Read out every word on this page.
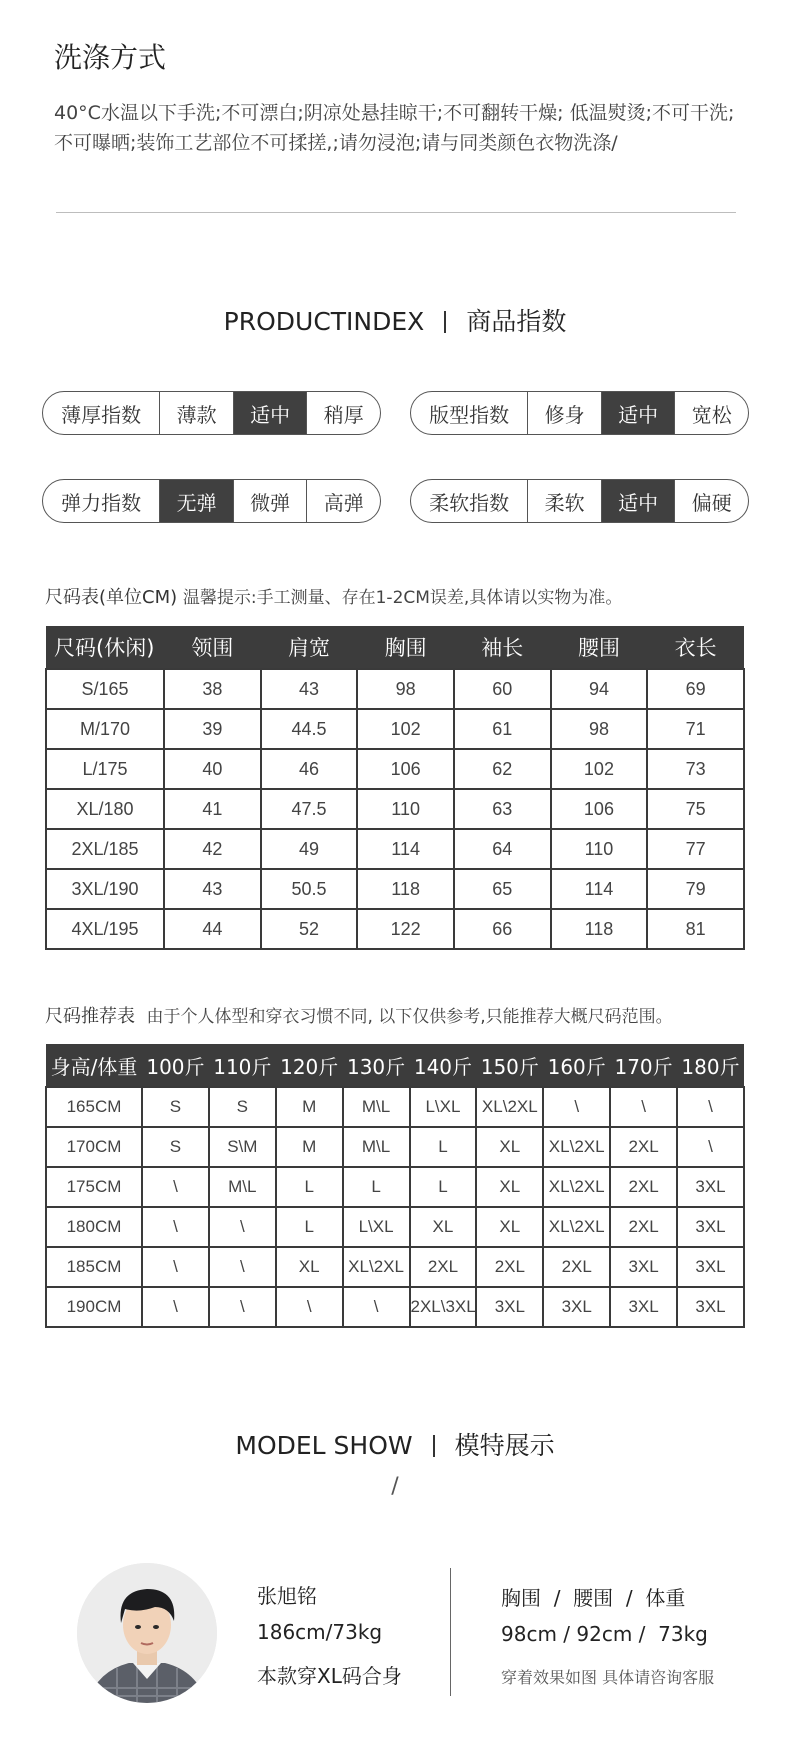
洗涤方式
40°C水温以下手洗;不可漂白;阴凉处悬挂晾干;不可翻转干燥; 低温熨烫;不可干洗;不可曝晒;装饰工艺部位不可揉搓,;请勿浸泡;请与同类颜色衣物洗涤/
PRODUCTINDEX 商品指数
薄厚指数	薄款	适中	稍厚	版型指数	修身	适中	宽松
弹力指数	无弹	微弹	高弹	柔软指数	柔软	适中	偏硬
尺码表(单位CM) 温馨提示:手工测量、存在1-2CM误差,具体请以实物为准。
尺码(休闲)	领围	肩宽	胸围	袖长	腰围	衣长
S/165	38	43	98	60	94	69
M/170	39	44.5	102	61	98	71
L/175	40	46	106	62	102	73
XL/180	41	47.5	110	63	106	75
2XL/185	42	49	114	64	110	77
3XL/190	43	50.5	118	65	114	79
4XL/195	44	52	122	66	118	81
尺码推荐表 由于个人体型和穿衣习惯不同, 以下仅供参考,只能推荐大概尺码范围。
身高/体重	100斤	110斤	120斤	130斤	140斤	150斤	160斤	170斤	180斤
165CM	S	S	M	M\L	L\XL	XL\2XL	\	\	\
170CM	S	S\M	M	M\L	L	XL	XL\2XL	2XL	\
175CM	\	M\L	L	L	L	XL	XL\2XL	2XL	3XL
180CM	\	\	L	L\XL	XL	XL	XL\2XL	2XL	3XL
185CM	\	\	XL	XL\2XL	2XL	2XL	2XL	3XL	3XL
190CM	\	\	\	\	2XL\3XL	3XL	3XL	3XL	3XL
MODEL SHOW 模特展示
/
张旭铭
186cm/73kg
本款穿XL码合身
胸围  /  腰围  /  体重
98cm / 92cm /  73kg
穿着效果如图 具体请咨询客服
